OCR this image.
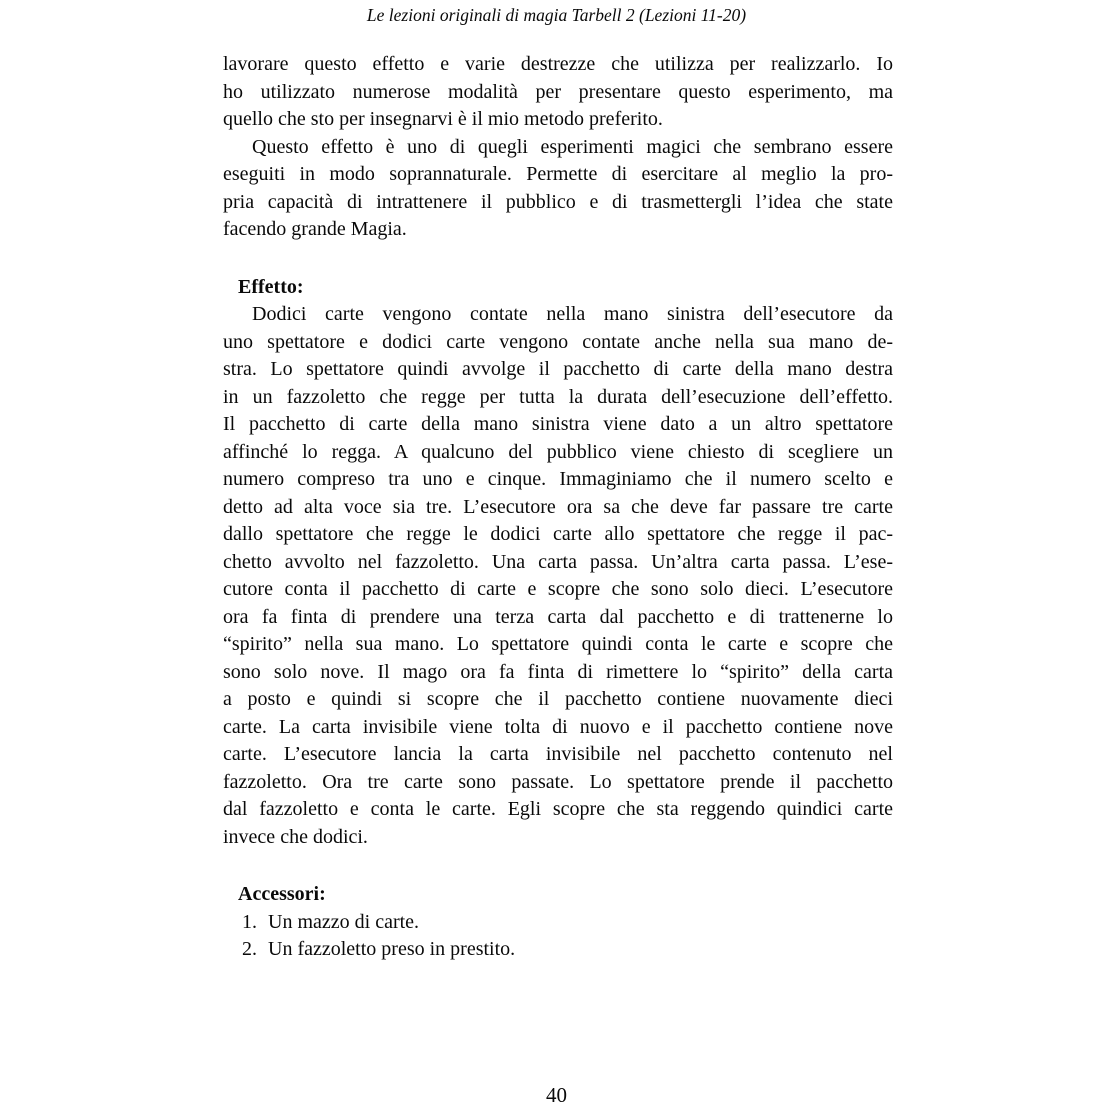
Le lezioni originali di magia Tarbell 2 (Lezioni 11-20)
lavorare questo effetto e varie destrezze che utilizza per realizzarlo. Io
ho utilizzato numerose modalità per presentare questo esperimento, ma
quello che sto per insegnarvi è il mio metodo preferito.
Questo effetto è uno di quegli esperimenti magici che sembrano essere
eseguiti in modo soprannaturale. Permette di esercitare al meglio la pro-
pria capacità di intrattenere il pubblico e di trasmettergli l’idea che state
facendo grande Magia.
Effetto:
Dodici carte vengono contate nella mano sinistra dell’esecutore da
uno spettatore e dodici carte vengono contate anche nella sua mano de-
stra. Lo spettatore quindi avvolge il pacchetto di carte della mano destra
in un fazzoletto che regge per tutta la durata dell’esecuzione dell’effetto.
Il pacchetto di carte della mano sinistra viene dato a un altro spettatore
affinché lo regga. A qualcuno del pubblico viene chiesto di scegliere un
numero compreso tra uno e cinque. Immaginiamo che il numero scelto e
detto ad alta voce sia tre. L’esecutore ora sa che deve far passare tre carte
dallo spettatore che regge le dodici carte allo spettatore che regge il pac-
chetto avvolto nel fazzoletto. Una carta passa. Un’altra carta passa. L’ese-
cutore conta il pacchetto di carte e scopre che sono solo dieci. L’esecutore
ora fa finta di prendere una terza carta dal pacchetto e di trattenerne lo
“spirito” nella sua mano. Lo spettatore quindi conta le carte e scopre che
sono solo nove. Il mago ora fa finta di rimettere lo “spirito” della carta
a posto e quindi si scopre che il pacchetto contiene nuovamente dieci
carte. La carta invisibile viene tolta di nuovo e il pacchetto contiene nove
carte. L’esecutore lancia la carta invisibile nel pacchetto contenuto nel
fazzoletto. Ora tre carte sono passate. Lo spettatore prende il pacchetto
dal fazzoletto e conta le carte. Egli scopre che sta reggendo quindici carte
invece che dodici.
Accessori:
1. Un mazzo di carte.
2. Un fazzoletto preso in prestito.
40
